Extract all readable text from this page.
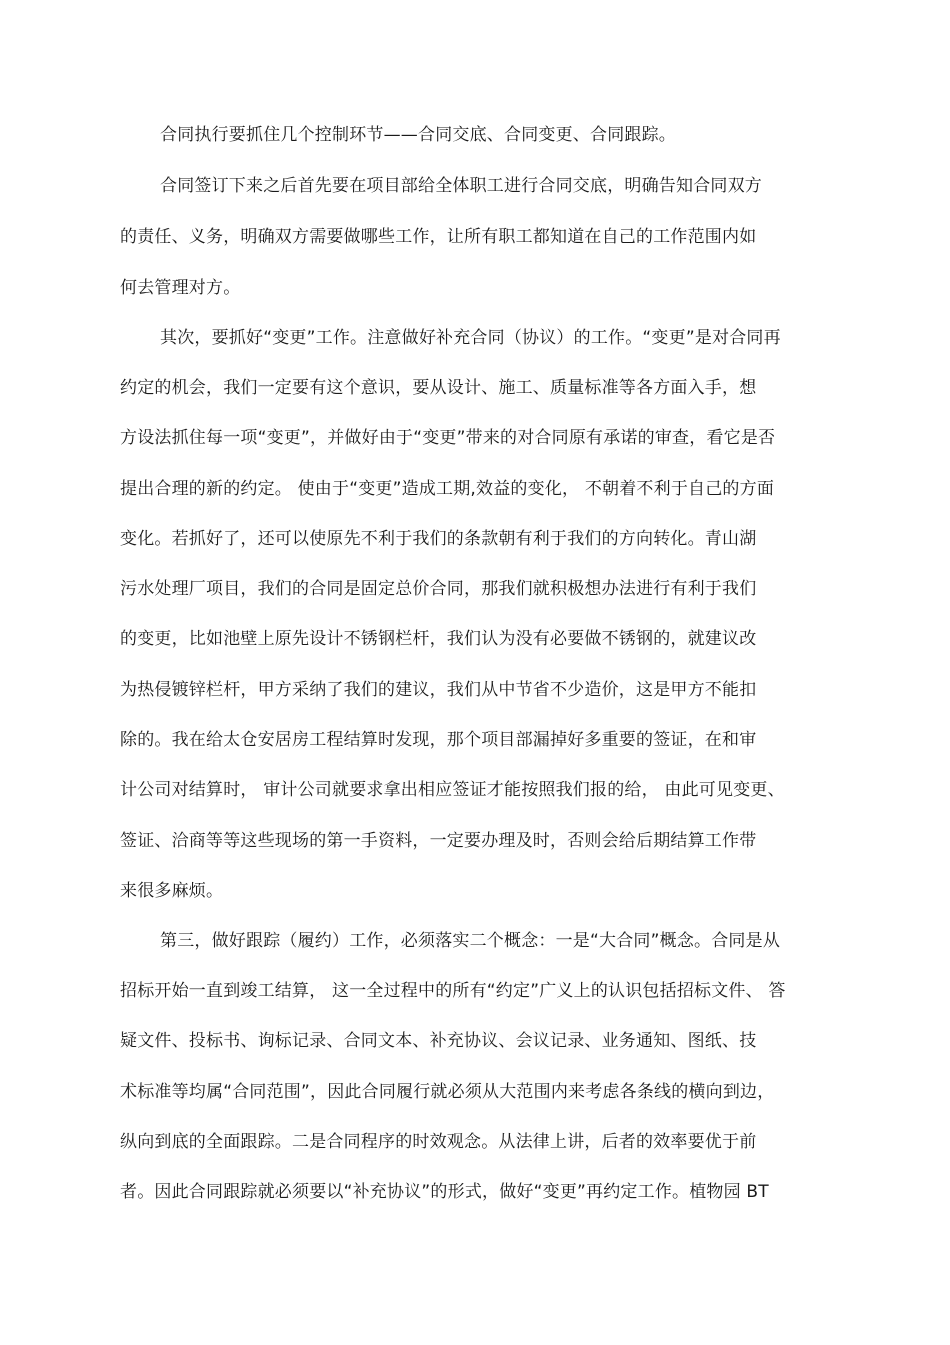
合同执行要抓住几个控制环节——合同交底、合同变更、合同跟踪。
合同签订下来之后首先要在项目部给全体职工进行合同交底，明确告知合同双方
的责任、义务，明确双方需要做哪些工作，让所有职工都知道在自己的工作范围内如
何去管理对方。
其次，要抓好“变更”工作。注意做好补充合同（协议）的工作。“变更”是对合同再
约定的机会，我们一定要有这个意识，要从设计、施工、质量标准等各方面入手，想
方设法抓住每一项“变更”，并做好由于“变更”带来的对合同原有承诺的审查，看它是否
提出合理的新的约定。 使由于“变更”造成工期,效益的变化， 不朝着不利于自己的方面
变化。若抓好了，还可以使原先不利于我们的条款朝有利于我们的方向转化。青山湖
污水处理厂项目，我们的合同是固定总价合同，那我们就积极想办法进行有利于我们
的变更，比如池壁上原先设计不锈钢栏杆，我们认为没有必要做不锈钢的，就建议改
为热侵镀锌栏杆，甲方采纳了我们的建议，我们从中节省不少造价，这是甲方不能扣
除的。我在给太仓安居房工程结算时发现，那个项目部漏掉好多重要的签证，在和审
计公司对结算时， 审计公司就要求拿出相应签证才能按照我们报的给， 由此可见变更、
签证、洽商等等这些现场的第一手资料，一定要办理及时，否则会给后期结算工作带
来很多麻烦。
第三，做好跟踪（履约）工作，必须落实二个概念：一是“大合同”概念。合同是从
招标开始一直到竣工结算， 这一全过程中的所有“约定”广义上的认识包括招标文件、 答
疑文件、投标书、询标记录、合同文本、补充协议、会议记录、业务通知、图纸、技
术标准等均属“合同范围”，因此合同履行就必须从大范围内来考虑各条线的横向到边，
纵向到底的全面跟踪。二是合同程序的时效观念。从法律上讲，后者的效率要优于前
者。因此合同跟踪就必须要以“补充协议”的形式，做好“变更”再约定工作。植物园 BT
